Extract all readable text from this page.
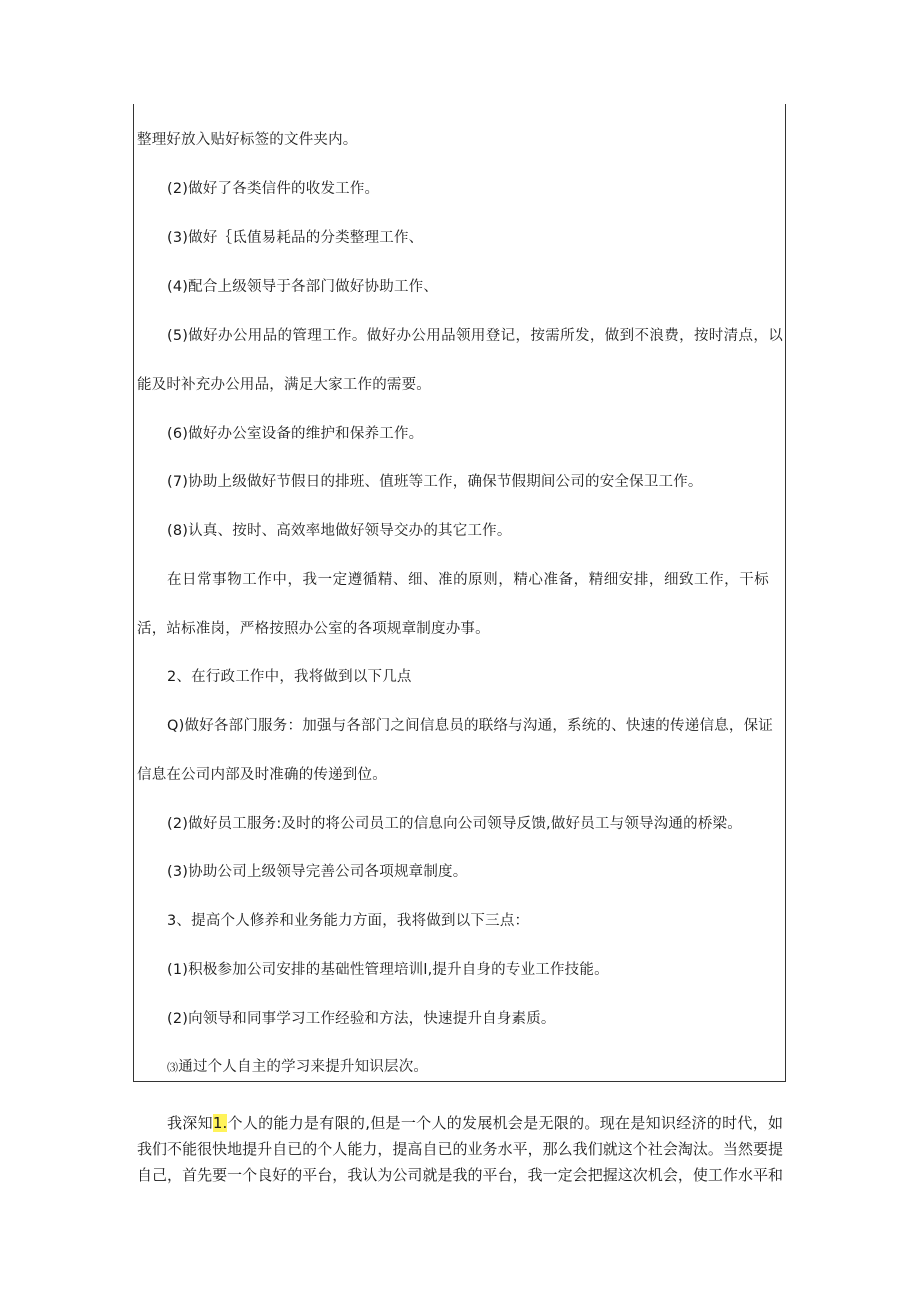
整理好放入贴好标签的文件夹内。
(2)做好了各类信件的收发工作。
(3)做好｛氐值易耗品的分类整理工作、
(4)配合上级领导于各部门做好协助工作、
(5)做好办公用品的管理工作。做好办公用品领用登记，按需所发，做到不浪费，按时清点，以
能及时补充办公用品，满足大家工作的需要。
(6)做好办公室设备的维护和保养工作。
(7)协助上级做好节假日的排班、值班等工作，确保节假期间公司的安全保卫工作。
(8)认真、按时、高效率地做好领导交办的其它工作。
在日常事物工作中，我一定遵循精、细、准的原则，精心准备，精细安排，细致工作，干标
活，站标准岗，严格按照办公室的各项规章制度办事。
2、在行政工作中，我将做到以下几点
Q)做好各部门服务：加强与各部门之间信息员的联络与沟通，系统的、快速的传递信息，保证
信息在公司内部及时准确的传递到位。
(2)做好员工服务:及时的将公司员工的信息向公司领导反馈,做好员工与领导沟通的桥梁。
(3)协助公司上级领导完善公司各项规章制度。
3、提高个人修养和业务能力方面，我将做到以下三点：
(1)积极参加公司安排的基础性管理培训l,提升自身的专业工作技能。
(2)向领导和同事学习工作经验和方法，快速提升自身素质。
⑶通过个人自主的学习来提升知识层次。
我深知1.个人的能力是有限的,但是一个人的发展机会是无限的。现在是知识经济的时代，如
我们不能很快地提升自已的个人能力，提高自已的业务水平，那么我们就这个社会淘汰。当然要提
自己，首先要一个良好的平台，我认为公司就是我的平台，我一定会把握这次机会，使工作水平和
